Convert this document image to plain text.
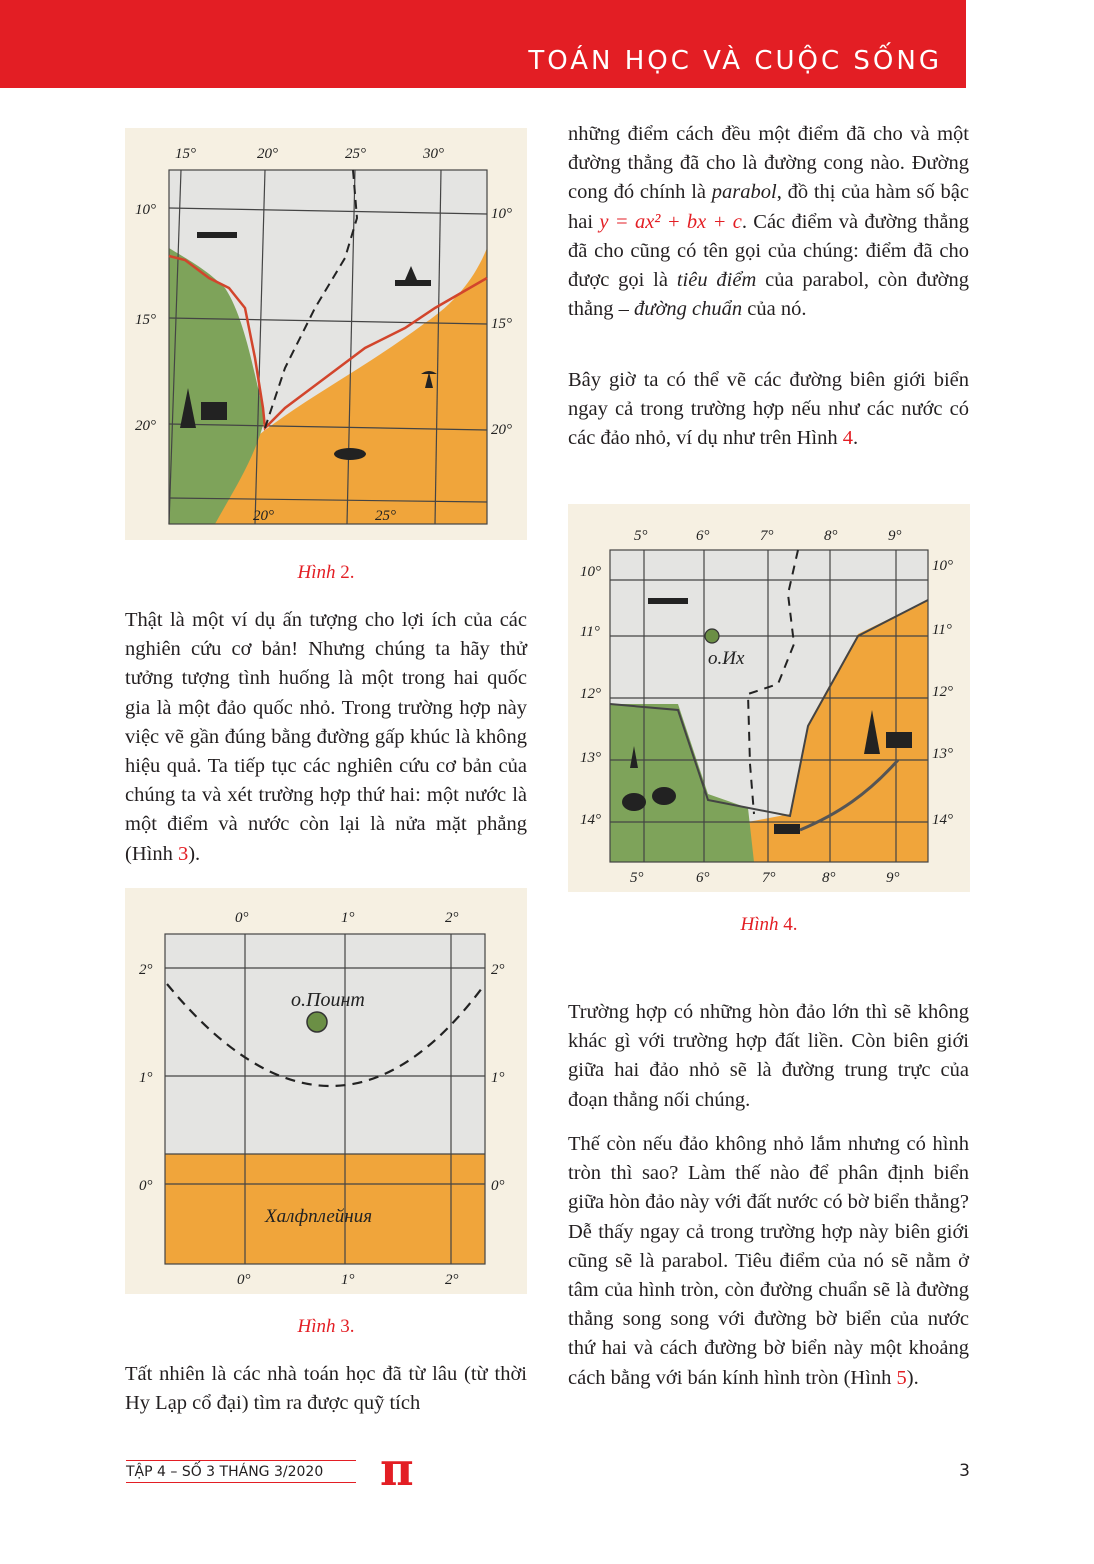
TOÁN HỌC VÀ CUỘC SỐNG
15°	20°	25°	30°
20°	25°
10°
15°
20°
10°
15°
20°
Hình 2.

Thật là một ví dụ ấn tượng cho lợi ích của các nghiên cứu cơ bản! Nhưng chúng ta hãy thử tưởng tượng tình huống là một trong hai quốc gia là một đảo quốc nhỏ. Trong trường hợp này việc vẽ gần đúng bằng đường gấp khúc là không hiệu quả. Ta tiếp tục các nghiên cứu cơ bản của chúng ta và xét trường hợp thứ hai: một nước là một điểm và nước còn lại là nửa mặt phẳng (Hình 3).

о.Поинт
Халфплейния
0°	1°	2°
0°	1°	2°
2°
1°
0°
2°
1°
0°
Hình 3.

Tất nhiên là các nhà toán học đã từ lâu (từ thời Hy Lạp cổ đại) tìm ra được quỹ tích

những điểm cách đều một điểm đã cho và một đường thẳng đã cho là đường cong nào. Đường cong đó chính là parabol, đồ thị của hàm số bậc hai y = ax² + bx + c. Các điểm và đường thẳng đã cho cũng có tên gọi của chúng: điểm đã cho được gọi là tiêu điểm của parabol, còn đường thẳng – đường chuẩn của nó.

Bây giờ ta có thể vẽ các đường biên giới biển ngay cả trong trường hợp nếu như các nước có các đảo nhỏ, ví dụ như trên Hình 4.

о.Их
5°	6°	7°	8°	9°
5°	6°	7°	8°	9°
10°
11°
12°
13°
14°
10°
11°
12°
13°
14°
Hình 4.

Trường hợp có những hòn đảo lớn thì sẽ không khác gì với trường hợp đất liền. Còn biên giới giữa hai đảo nhỏ sẽ là đường trung trực của đoạn thẳng nối chúng.

Thế còn nếu đảo không nhỏ lắm nhưng có hình tròn thì sao? Làm thế nào để phân định biển giữa hòn đảo này với đất nước có bờ biển thẳng? Dễ thấy ngay cả trong trường hợp này biên giới cũng sẽ là parabol. Tiêu điểm của nó sẽ nằm ở tâm của hình tròn, còn đường chuẩn sẽ là đường thẳng song song với đường bờ biển của nước thứ hai và cách đường bờ biển này một khoảng cách bằng với bán kính hình tròn (Hình 5).

TẬP 4 – SỐ 3 THÁNG 3/2020	π	3
